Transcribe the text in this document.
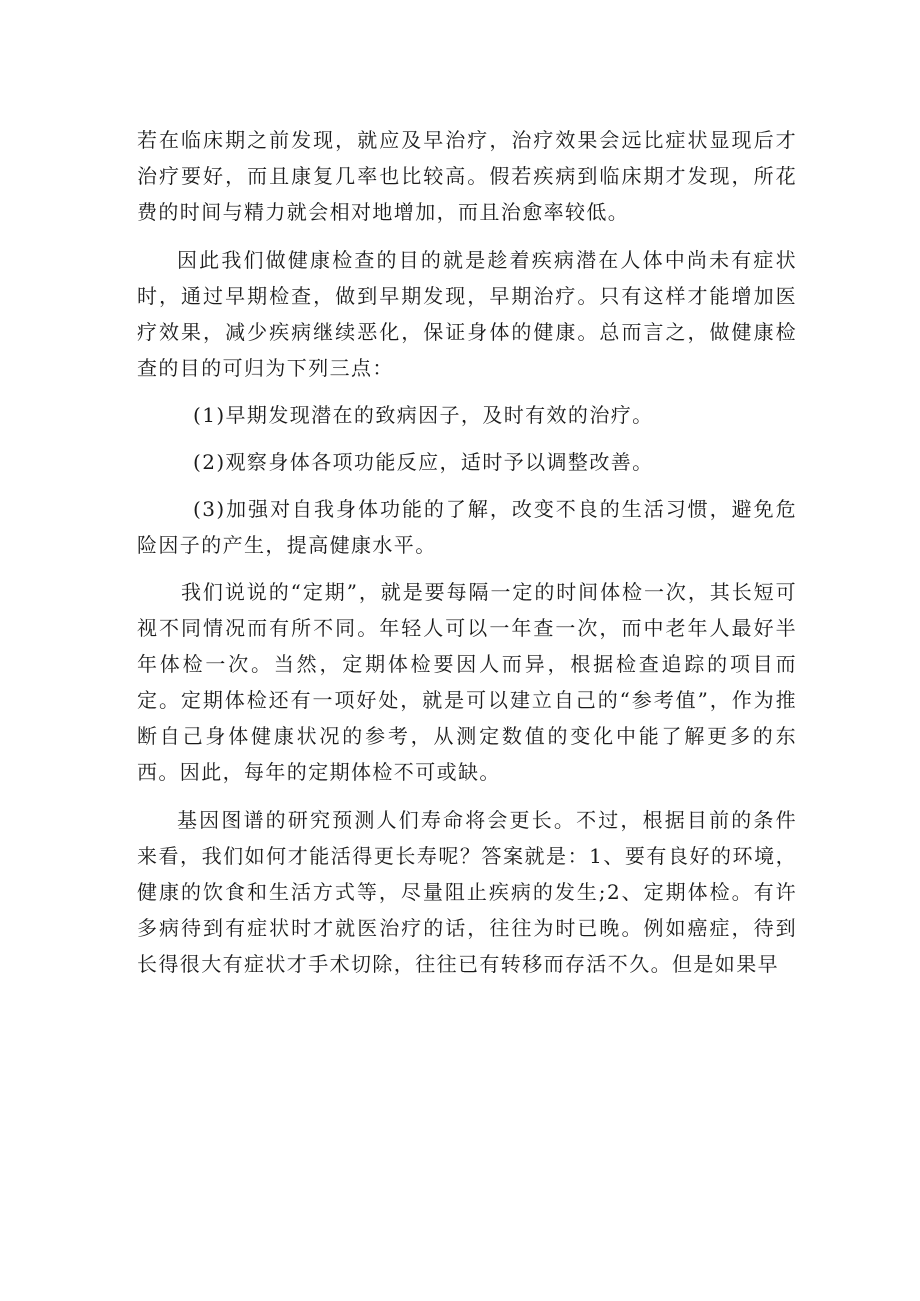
若在临床期之前发现，就应及早治疗，治疗效果会远比症状显现后才治疗要好，而且康复几率也比较高。假若疾病到临床期才发现，所花费的时间与精力就会相对地增加，而且治愈率较低。

因此我们做健康检查的目的就是趁着疾病潜在人体中尚未有症状时，通过早期检查，做到早期发现，早期治疗。只有这样才能增加医疗效果，减少疾病继续恶化，保证身体的健康。总而言之，做健康检查的目的可归为下列三点：

(1)早期发现潜在的致病因子，及时有效的治疗。

(2)观察身体各项功能反应，适时予以调整改善。

(3)加强对自我身体功能的了解，改变不良的生活习惯，避免危险因子的产生，提高健康水平。

我们说说的“定期”，就是要每隔一定的时间体检一次，其长短可视不同情况而有所不同。年轻人可以一年查一次，而中老年人最好半年体检一次。当然，定期体检要因人而异，根据检查追踪的项目而定。定期体检还有一项好处，就是可以建立自己的“参考值”，作为推断自己身体健康状况的参考，从测定数值的变化中能了解更多的东西。因此，每年的定期体检不可或缺。

基因图谱的研究预测人们寿命将会更长。不过，根据目前的条件来看，我们如何才能活得更长寿呢？答案就是：1、要有良好的环境，健康的饮食和生活方式等，尽量阻止疾病的发生;2、定期体检。有许多病待到有症状时才就医治疗的话，往往为时已晚。例如癌症，待到长得很大有症状才手术切除，往往已有转移而存活不久。但是如果早
